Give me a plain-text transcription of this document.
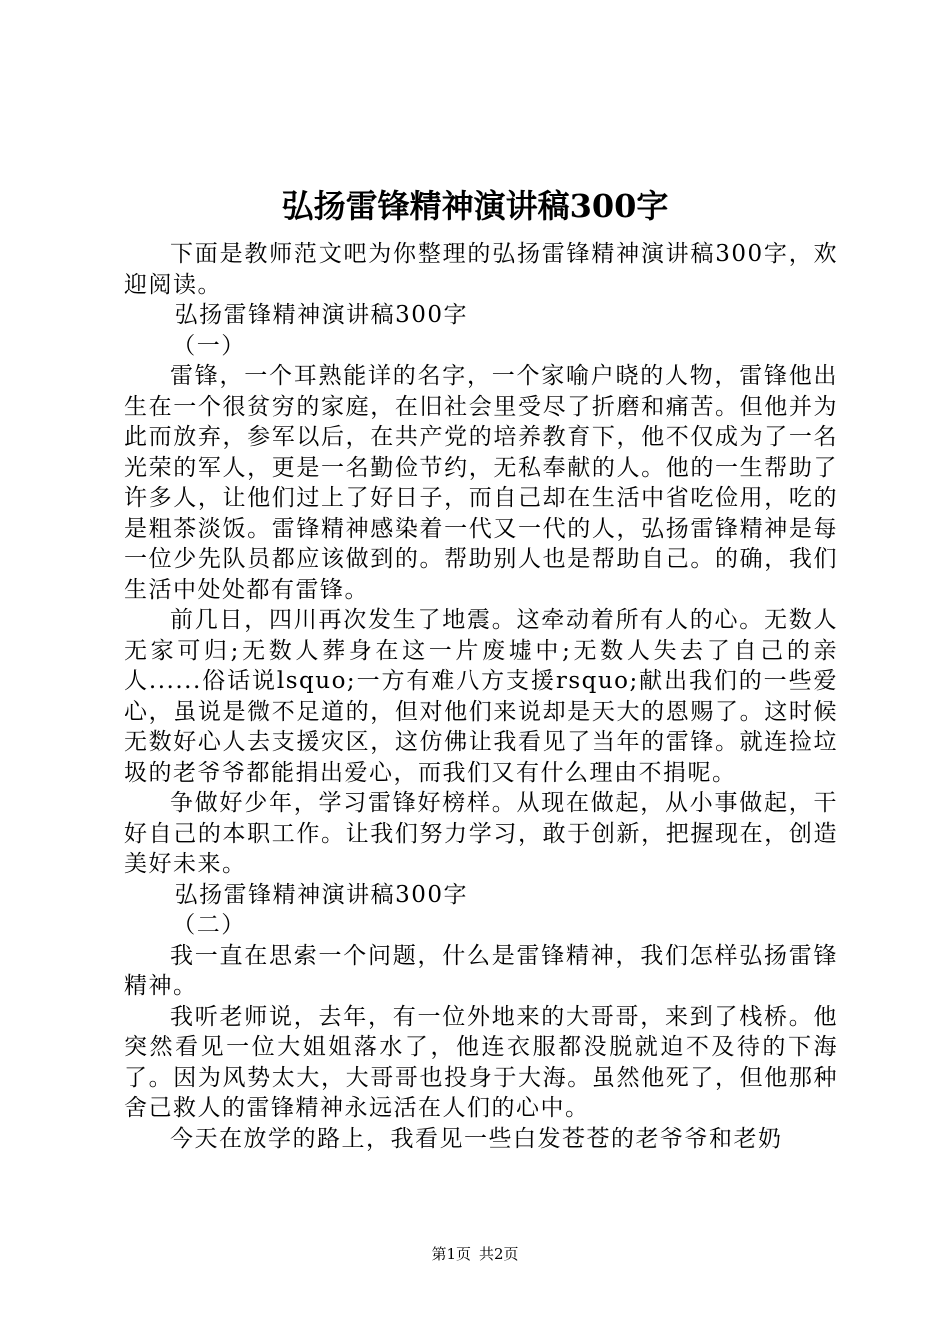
弘扬雷锋精神演讲稿300字

下面是教师范文吧为你整理的弘扬雷锋精神演讲稿300字，欢迎阅读。

弘扬雷锋精神演讲稿300字

（一）

雷锋，一个耳熟能详的名字，一个家喻户晓的人物，雷锋他出生在一个很贫穷的家庭，在旧社会里受尽了折磨和痛苦。但他并为此而放弃，参军以后，在共产党的培养教育下，他不仅成为了一名光荣的军人，更是一名勤俭节约，无私奉献的人。他的一生帮助了许多人，让他们过上了好日子，而自己却在生活中省吃俭用，吃的是粗茶淡饭。雷锋精神感染着一代又一代的人，弘扬雷锋精神是每一位少先队员都应该做到的。帮助别人也是帮助自己。的确，我们生活中处处都有雷锋。

前几日，四川再次发生了地震。这牵动着所有人的心。无数人无家可归;无数人葬身在这一片废墟中;无数人失去了自己的亲人......俗话说lsquo;一方有难八方支援rsquo;献出我们的一些爱心，虽说是微不足道的，但对他们来说却是天大的恩赐了。这时候无数好心人去支援灾区，这仿佛让我看见了当年的雷锋。就连捡垃圾的老爷爷都能捐出爱心，而我们又有什么理由不捐呢。

争做好少年，学习雷锋好榜样。从现在做起，从小事做起，干好自己的本职工作。让我们努力学习，敢于创新，把握现在，创造美好未来。

弘扬雷锋精神演讲稿300字

（二）

我一直在思索一个问题，什么是雷锋精神，我们怎样弘扬雷锋精神。

我听老师说，去年，有一位外地来的大哥哥，来到了栈桥。他突然看见一位大姐姐落水了，他连衣服都没脱就迫不及待的下海了。因为风势太大，大哥哥也投身于大海。虽然他死了，但他那种舍己救人的雷锋精神永远活在人们的心中。

今天在放学的路上，我看见一些白发苍苍的老爷爷和老奶

第1页 共2页
